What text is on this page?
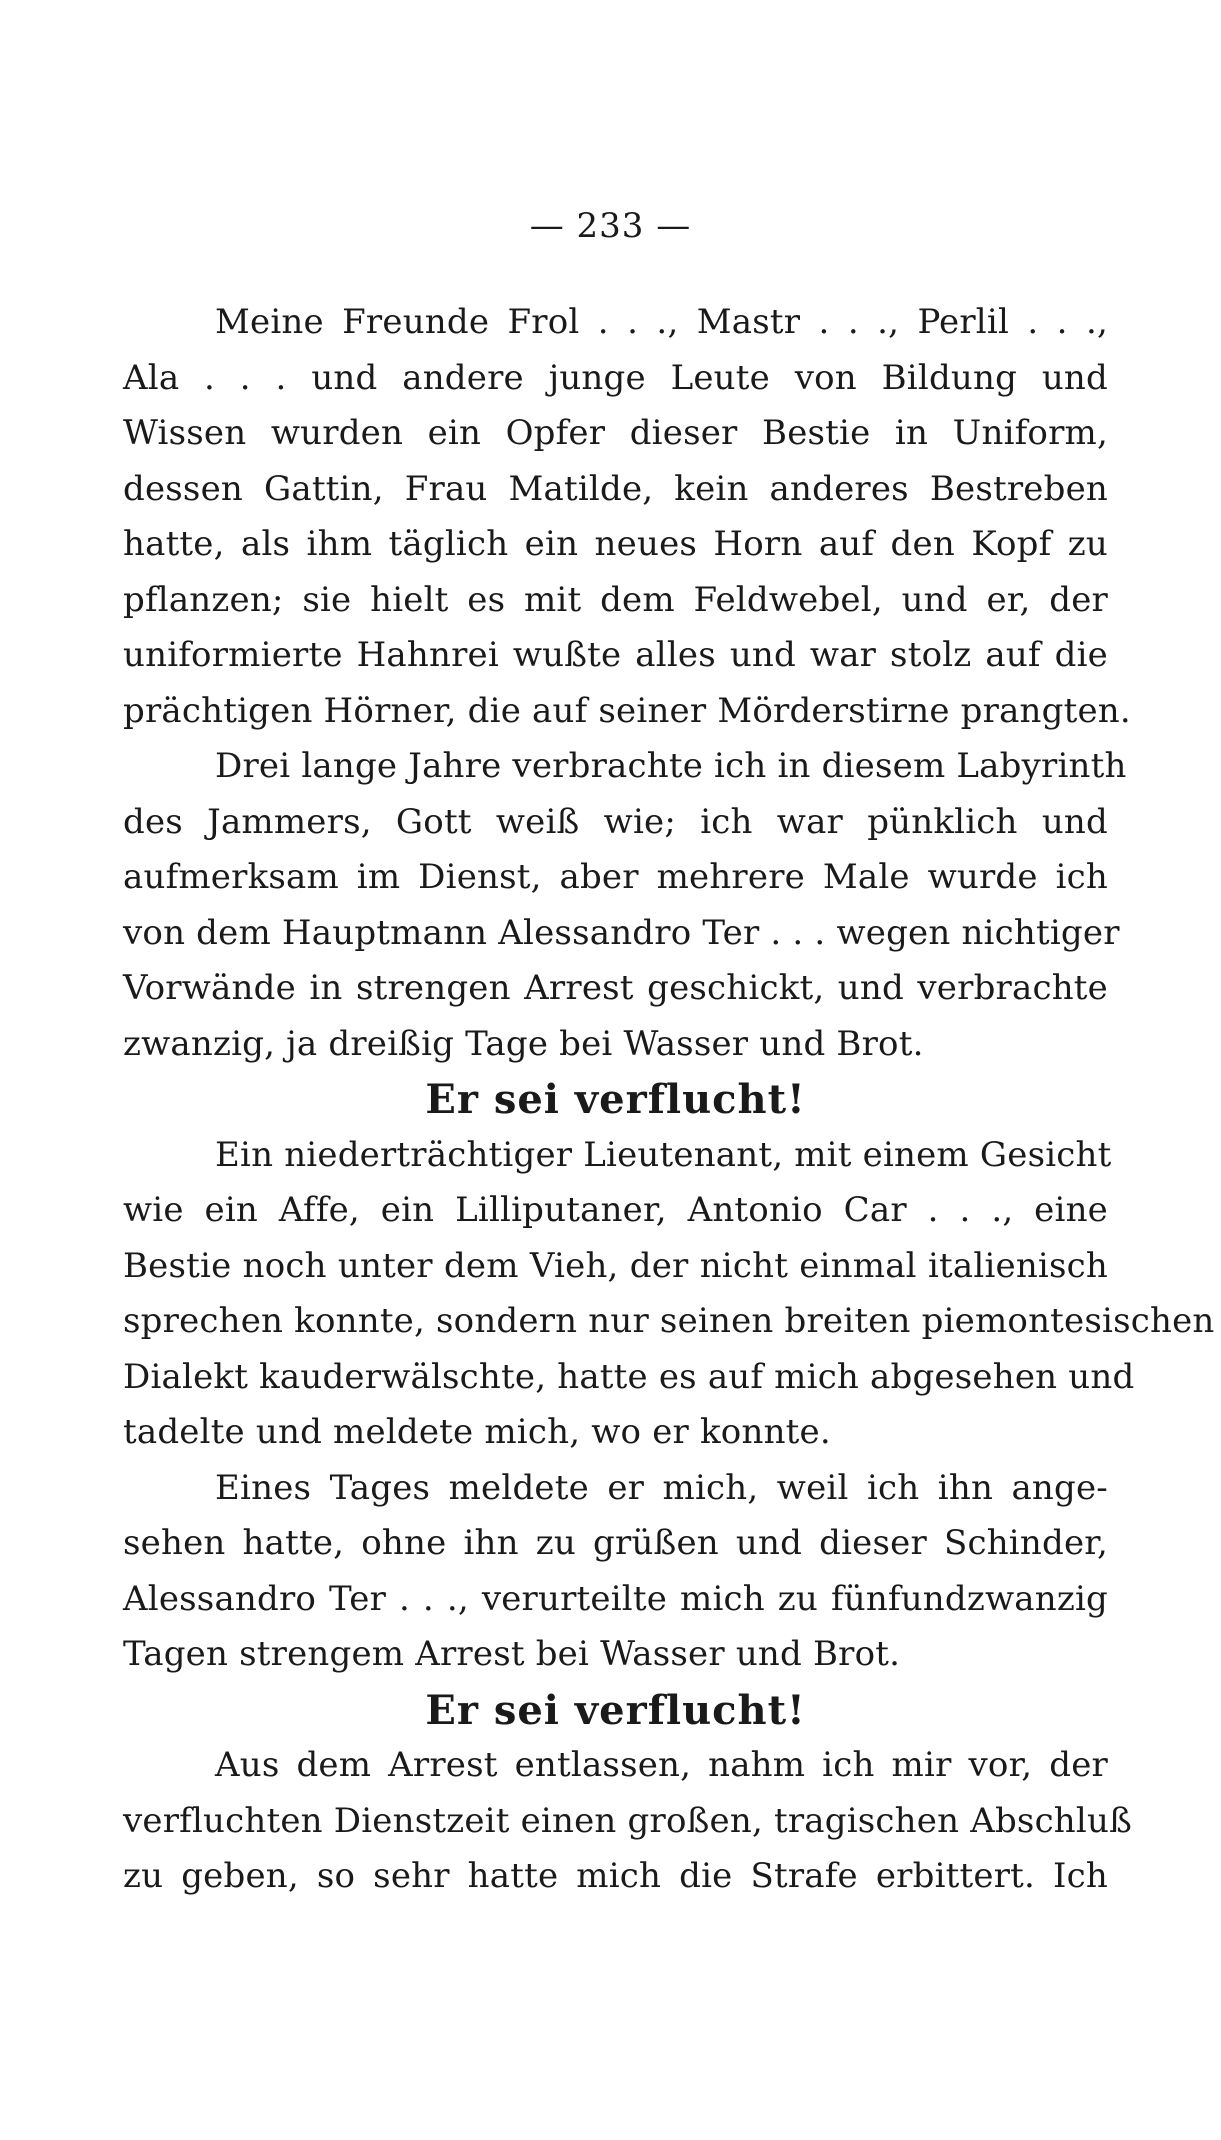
— 233 —
Meine Freunde Frol . . ., Mastr . . ., Perlil . . .,
Ala . . . und andere junge Leute von Bildung und
Wissen wurden ein Opfer dieser Bestie in Uniform,
dessen Gattin, Frau Matilde, kein anderes Bestreben
hatte, als ihm täglich ein neues Horn auf den Kopf zu
pflanzen; sie hielt es mit dem Feldwebel, und er, der
uniformierte Hahnrei wußte alles und war stolz auf die
prächtigen Hörner, die auf seiner Mörderstirne prangten.
Drei lange Jahre verbrachte ich in diesem Labyrinth
des Jammers, Gott weiß wie; ich war pünklich und
aufmerksam im Dienst, aber mehrere Male wurde ich
von dem Hauptmann Alessandro Ter . . . wegen nichtiger
Vorwände in strengen Arrest geschickt, und verbrachte
zwanzig, ja dreißig Tage bei Wasser und Brot.
Er sei verflucht!
Ein niederträchtiger Lieutenant, mit einem Gesicht
wie ein Affe, ein Lilliputaner, Antonio Car . . ., eine
Bestie noch unter dem Vieh, der nicht einmal italienisch
sprechen konnte, sondern nur seinen breiten piemontesischen
Dialekt kauderwälschte, hatte es auf mich abgesehen und
tadelte und meldete mich, wo er konnte.
Eines Tages meldete er mich, weil ich ihn ange-
sehen hatte, ohne ihn zu grüßen und dieser Schinder,
Alessandro Ter . . ., verurteilte mich zu fünfundzwanzig
Tagen strengem Arrest bei Wasser und Brot.
Er sei verflucht!
Aus dem Arrest entlassen, nahm ich mir vor, der
verfluchten Dienstzeit einen großen, tragischen Abschluß
zu geben, so sehr hatte mich die Strafe erbittert. Ich
